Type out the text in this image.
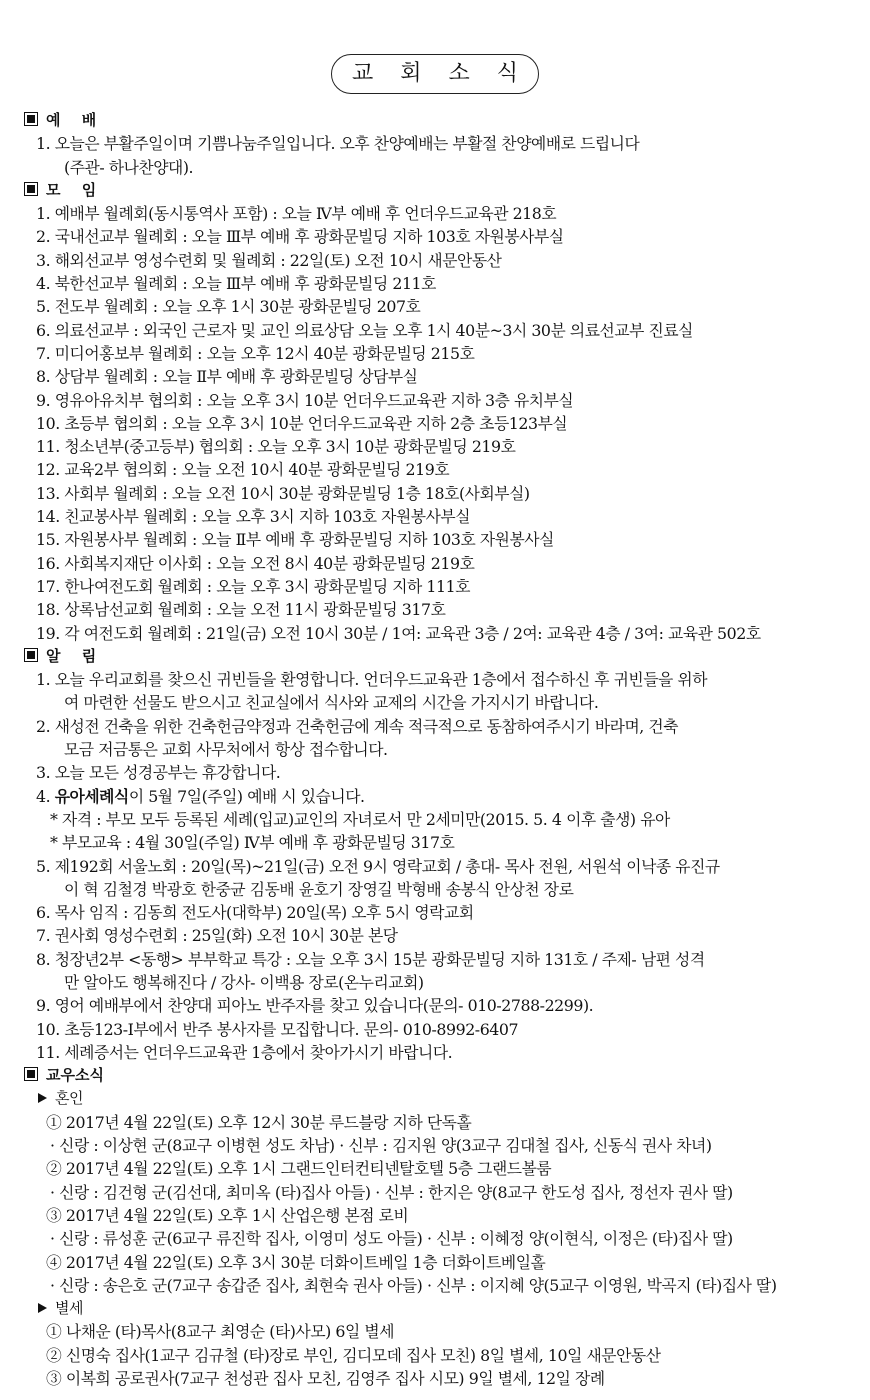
교 회 소 식
예 배
1. 오늘은 부활주일이며 기쁨나눔주일입니다. 오후 찬양예배는 부활절 찬양예배로 드립니다
(주관- 하나찬양대).
모 임
1. 예배부 월례회(동시통역사 포함) : 오늘 Ⅳ부 예배 후 언더우드교육관 218호
2. 국내선교부 월례회 : 오늘 Ⅲ부 예배 후 광화문빌딩 지하 103호 자원봉사부실
3. 해외선교부 영성수련회 및 월례회 : 22일(토) 오전 10시 새문안동산
4. 북한선교부 월례회 : 오늘 Ⅲ부 예배 후 광화문빌딩 211호
5. 전도부 월례회 : 오늘 오후 1시 30분 광화문빌딩 207호
6. 의료선교부 : 외국인 근로자 및 교인 의료상담 오늘 오후 1시 40분~3시 30분 의료선교부 진료실
7. 미디어홍보부 월례회 : 오늘 오후 12시 40분 광화문빌딩 215호
8. 상담부 월례회 : 오늘 Ⅱ부 예배 후 광화문빌딩 상담부실
9. 영유아유치부 협의회 : 오늘 오후 3시 10분 언더우드교육관 지하 3층 유치부실
10. 초등부 협의회 : 오늘 오후 3시 10분 언더우드교육관 지하 2층 초등123부실
11. 청소년부(중고등부) 협의회 : 오늘 오후 3시 10분 광화문빌딩 219호
12. 교육2부 협의회 : 오늘 오전 10시 40분 광화문빌딩 219호
13. 사회부 월례회 : 오늘 오전 10시 30분 광화문빌딩 1층 18호(사회부실)
14. 친교봉사부 월례회 : 오늘 오후 3시 지하 103호 자원봉사부실
15. 자원봉사부 월례회 : 오늘 Ⅱ부 예배 후 광화문빌딩 지하 103호 자원봉사실
16. 사회복지재단 이사회 : 오늘 오전 8시 40분 광화문빌딩 219호
17. 한나여전도회 월례회 : 오늘 오후 3시 광화문빌딩 지하 111호
18. 상록남선교회 월례회 : 오늘 오전 11시 광화문빌딩 317호
19. 각 여전도회 월례회 : 21일(금) 오전 10시 30분 / 1여: 교육관 3층 / 2여: 교육관 4층 / 3여: 교육관 502호
알 림
1. 오늘 우리교회를 찾으신 귀빈들을 환영합니다. 언더우드교육관 1층에서 접수하신 후 귀빈들을 위하
여 마련한 선물도 받으시고 친교실에서 식사와 교제의 시간을 가지시기 바랍니다.
2. 새성전 건축을 위한 건축헌금약정과 건축헌금에 계속 적극적으로 동참하여주시기 바라며, 건축
모금 저금통은 교회 사무처에서 항상 접수합니다.
3. 오늘 모든 성경공부는 휴강합니다.
4. 유아세례식이 5월 7일(주일) 예배 시 있습니다.
* 자격 : 부모 모두 등록된 세례(입교)교인의 자녀로서 만 2세미만(2015. 5. 4 이후 출생) 유아
* 부모교육 : 4월 30일(주일) Ⅳ부 예배 후 광화문빌딩 317호
5. 제192회 서울노회 : 20일(목)~21일(금) 오전 9시 영락교회 / 총대- 목사 전원, 서원석 이낙종 유진규
이 혁 김철경 박광호 한중균 김동배 윤호기 장영길 박형배 송봉식 안상천 장로
6. 목사 임직 : 김동희 전도사(대학부) 20일(목) 오후 5시 영락교회
7. 권사회 영성수련회 : 25일(화) 오전 10시 30분 본당
8. 청장년2부 <동행> 부부학교 특강 : 오늘 오후 3시 15분 광화문빌딩 지하 131호 / 주제- 남편 성격
만 알아도 행복해진다 / 강사- 이백용 장로(온누리교회)
9. 영어 예배부에서 찬양대 피아노 반주자를 찾고 있습니다(문의- 010-2788-2299).
10. 초등123-Ⅰ부에서 반주 봉사자를 모집합니다. 문의- 010-8992-6407
11. 세례증서는 언더우드교육관 1층에서 찾아가시기 바랍니다.
교우소식
혼인
① 2017년 4월 22일(토) 오후 12시 30분 루드블랑 지하 단독홀
· 신랑 : 이상현 군(8교구 이병현 성도 차남) · 신부 : 김지원 양(3교구 김대철 집사, 신동식 권사 차녀)
② 2017년 4월 22일(토) 오후 1시 그랜드인터컨티넨탈호텔 5층 그랜드볼룸
· 신랑 : 김건형 군(김선대, 최미옥 (타)집사 아들) · 신부 : 한지은 양(8교구 한도성 집사, 정선자 권사 딸)
③ 2017년 4월 22일(토) 오후 1시 산업은행 본점 로비
· 신랑 : 류성훈 군(6교구 류진학 집사, 이영미 성도 아들) · 신부 : 이혜정 양(이현식, 이정은 (타)집사 딸)
④ 2017년 4월 22일(토) 오후 3시 30분 더화이트베일 1층 더화이트베일홀
· 신랑 : 송은호 군(7교구 송갑준 집사, 최현숙 권사 아들) · 신부 : 이지혜 양(5교구 이영원, 박곡지 (타)집사 딸)
별세
① 나채운 (타)목사(8교구 최영순 (타)사모) 6일 별세
② 신명숙 집사(1교구 김규철 (타)장로 부인, 김디모데 집사 모친) 8일 별세, 10일 새문안동산
③ 이복희 공로권사(7교구 천성관 집사 모친, 김영주 집사 시모) 9일 별세, 12일 장례
